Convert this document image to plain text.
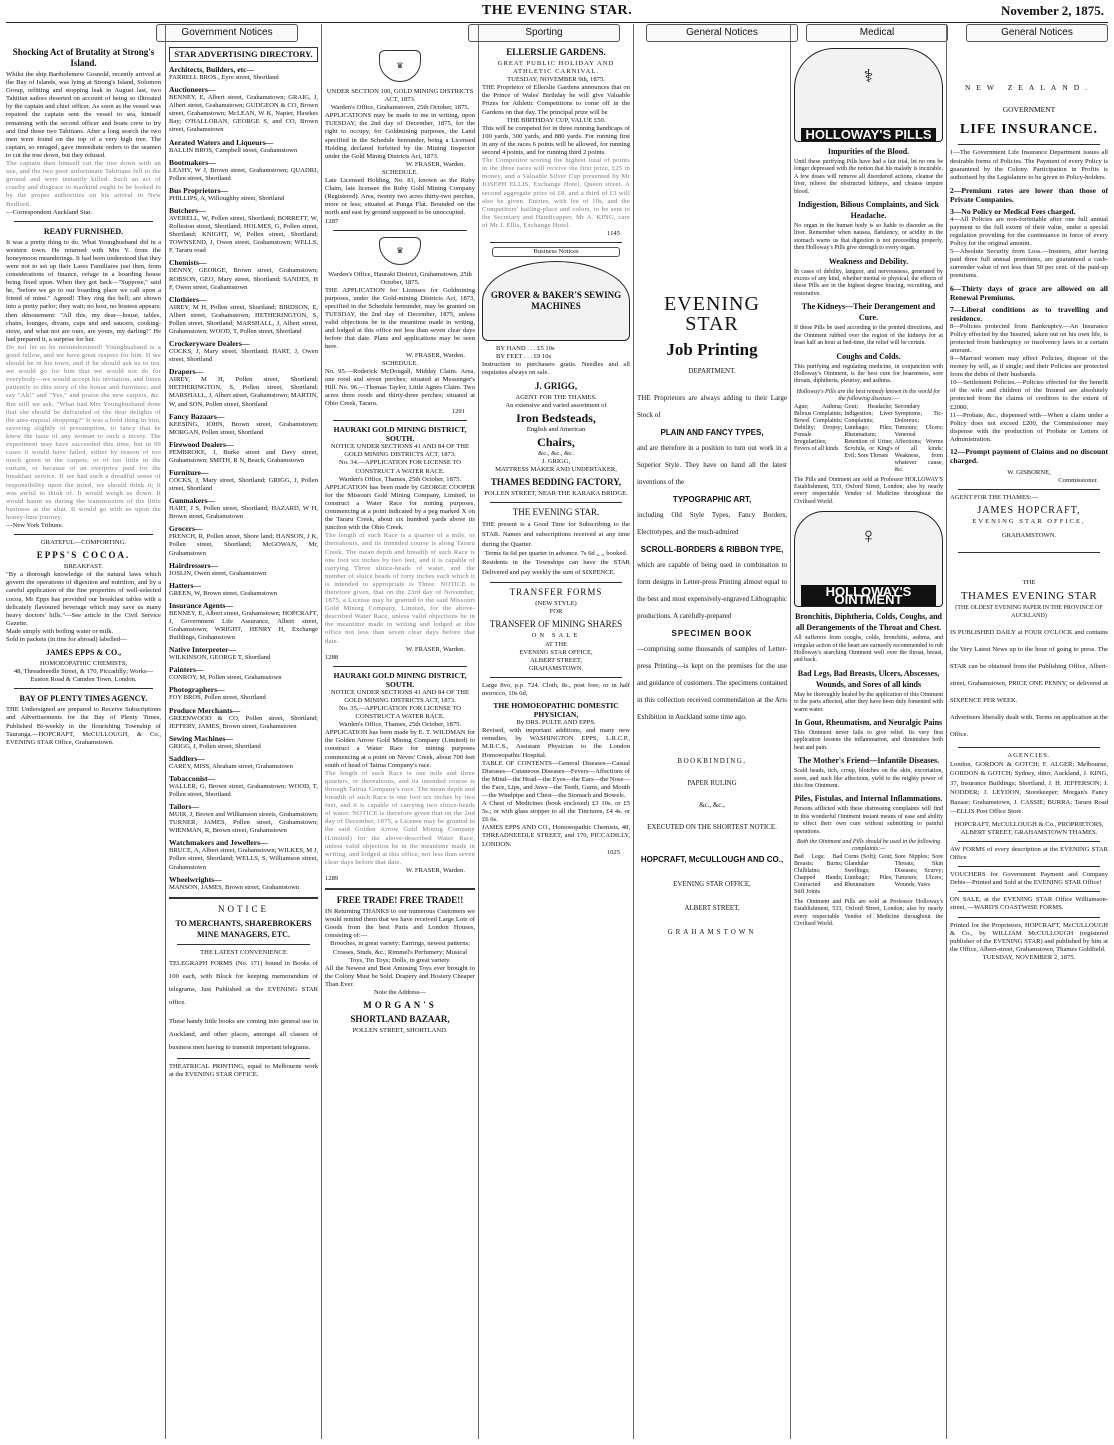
THE EVENING STAR.	November 2, 1875.
Government Notices	Sporting	General Notices	Medical	General Notices
Shocking Act of Brutality at Strong's Island.
Whilst the ship Bartholemew Gosnold, recently arrived at the Bay of Islands, was lying at Strong's Island, Solomon Group, refitting and stopping leak in August last, two Tahitian sailors deserted on account of being so illtreated by the captain and chief officer. As soon as the vessel was repaired the captain sent the vessel to sea, himself remaining with the second officer and boats crew to try and find those two Tahitians. After a long search the two men were found on the top of a very high tree. The captain, so enraged, gave immediate orders to the seamen to cut the tree down, but they refused.
The captain then himself cut the tree down with an axe, and the two poor unfortunate Tahitians fell to the ground and were instantly killed. Such an act of cruelty and disgrace to mankind ought to be looked to by the proper authorities on his arrival in New Bedford.
—Correspondent Auckland Star.
READY FURNISHED.
It was a pretty thing to do. What Younghusband did in a western town. He returned with Mrs Y. from the honeymoon meanderings. It had been understood that they were not to set up their Lares Familiares just then, from considerations of finance, refuge in a boarding house being fixed upon. When they got back—"Suppose," said he, "before we go to our boarding place we call upon a friend of mine." Agreed! They ring the bell; are shown into a pretty parlor; they wait; no host, no hostess appears; then dénouement: "All this, my dear—house, tables, chairs, lounges, divans, cups and and saucers, cooking-stove, and what not are ours, are yours, my darling!" He had prepared it, a surprise for her.
Do not let us be misunderstood! Younghusband is a good fellow, and we have great respect for him. If we should be in his town, and if he should ask us to tea, we would go for him that we would not do for everybody—we would accept his invitation, and listen patiently to this story of the house and furniture; and say "Ah!" and "Yes," and praise the new carpets, &c. But still we ask, "What had Mrs Younghusband done that she should be defrauded of the dear delights of the ante-nuptial shopping?" It was a bold thing in him, savoring slightly of presumption, to fancy that he knew the taste of any woman to such a nicety. The experiment may have succeeded this time, but in 99 cases it would have failed, either by reason of too much green in the carpets, or of too little in the curtain, or because of an overprice paid for the breakfast service. If we had such a dreadful sense of responsibility upon the mind, we should think it; it was awful to think of. It would weigh us down. It would haunt us during the transmission of the little business at the altar. It would go with us upon the honey-lune journey.
—New York Tribune.
GRATEFUL—COMFORTING.
EPPS'S COCOA.
BREAKFAST.
"By a thorough knowledge of the natural laws which govern the operations of digestion and nutrition, and by a careful application of the fine properties of well-selected cocoa, Mr Epps has provided our breakfast tables with a delicately flavoured beverage which may save us many heavy doctors' bills."—See article in the Civil Service Gazette.
Made simply with boiling water or milk.
Sold in packets (in tins for abroad) labelled—
JAMES EPPS & CO.,
HOMOEOPATHIC CHEMISTS,
48, Threadneedle Street, & 170, Piccadilly; Works—Euston Road & Camden Town, London.
BAY OF PLENTY TIMES AGENCY.
THE Undersigned are prepared to Receive Subscriptions and Advertisements for the Bay of Plenty Times, Published Bi-weekly in the flourishing Township of Tauranga.—HOPCRAFT, McCULLOUGH, & Co., EVENING STAR Office, Grahamstown.
STAR ADVERTISING DIRECTORY.
Architects, Builders, etc—
FARRELL BROS., Eyre street, Shortland
Auctioneers—
BENNEY, E, Albert street, Grahamstown; GRAIG, J, Albert street, Grahamstown; GUDGEON & CO, Brown street, Grahamstown; McLEAN, W K, Napier, Hawkes Bay; O'HALLORAN, GEORGE S, and CO, Brown street, Grahamstown
Aerated Waters and Liqueurs—
BALLIN BROS, Campbell street, Grahamstown
Bootmakers—
LEAHY, W J, Brown street, Grahamstown; QUADRI, Pollen street, Shortland
Bus Proprietors—
PHILLIPS, A, Willoughby street, Shortland
Butchers—
AVERELL, W, Pollen street, Shortland; BORRETT, W, Rolleston street, Shortland; HOLMES, G, Pollen street, Shortland; KNIGHT, W, Pollen street, Shortland; TOWNSEND, J, Owen street, Grahamstown; WELLS, F, Tararu road
Chemists—
DENNY, GEORGE, Brown street, Grahamstown; ROBSON, GEO, Mary street, Shortland; SANDES, H F, Owen street, Grahamstown
Clothiers—
AIREY, M H, Pollen street, Shortland; BIRDSON, E, Albert street, Grahamstown; HETHERINGTON, S, Pollen street, Shortland; MARSHALL, J, Albert street, Grahamstown; WOOD, T, Pollen street, Shortland
Crockeryware Dealers—
COCKS, J, Mary street, Shortland; HART, J, Owen street, Shortland
Drapers—
AIREY, M H, Pollen street, Shortland; HETHERINGTON, S, Pollen street, Shortland; MARSHALL, J, Albert street, Grahamstown; MARTIN, W, and SON, Pollen street, Shortland
Fancy Bazaars—
KEESING, JOHN, Brown street, Grahamstown; MORGAN, Pollen street, Shortland
Firewood Dealers—
PEMBROKE, J, Burke street and Davy street, Grahamstown; SMITH, R N, Beach, Grahamstown
Furniture—
COCKS, J, Mary street, Shortland; GRIGG, J, Pollen street, Shortland
Gunmakers—
HART, J S, Pollen street, Shortland; HAZARD, W H, Brown street, Grahamstown
Grocers—
FRENCH, R, Pollen street, Shore land; HANSON, J K, Pollen street, Shortland; McGOWAN, Mr, Grahamstown
Hairdressers—
JOSLIN, Owen street, Grahamstown
Hatters—
GREEN, W, Brown street, Grahamstown
Insurance Agents—
BENNEY, E, Albert street, Grahamstown; HOPCRAFT, J, Government Life Assurance, Albert street, Grahamstown; WRIGHT, HENRY H, Exchange Buildings, Grahamstown
Native Interpreter—
WILKINSON, GEORGE T, Shortland
Painters—
CONROY, M, Pollen street, Grahamstown
Photographers—
FOY BROS, Pollen street, Shortland
Produce Merchants—
GREENWOOD & CO, Pollen street, Shortland; JEFFERY, JAMES, Brown street, Grahamstown
Sewing Machines—
GRIGG, J, Pollen street, Shortland
Saddlers—
CAREY, MISS, Abraham street, Grahamstown
Tobacconist—
WALLER, G, Brown street, Grahamstown; WOOD, T, Pollen street, Shortland
Tailors—
MUIR, J, Brown and Williamson streets, Grahamstown; TURNER, JAMES, Pollen street, Grahamstown; WIENMAN, R, Brown street, Grahamstown
Watchmakers and Jewellers—
BRUCE, A, Albert street, Grahamstown; WILKES, M J, Pollen street, Shortland; WELLS, S, Williamson street, Grahamstown
Wheelwrights—
MANSON, JAMES, Brown street, Grahamstown
NOTICE
TO MERCHANTS, SHAREBROKERS MINE MANAGERS, ETC.
THE LATEST CONVENIENCE
TELEGRAPH FORMS (No. 171) bound in Books of 100 each, with Block for keeping memorandum of telegrams, Just Published at the EVENING STAR office.
These handy little books are coming into general use in Auckland, and other places, amongst all classes of business men having to transmit important telegrams.
THEATRICAL PRINTING, equal to Melbourne work at the EVENING STAR OFFICE.
♛
UNDER SECTION 100, GOLD MINING DISTRICTS ACT, 1873.
Warden's Office, Grahamstown, 25th October, 1875.
APPLICATIONS may be made to me in writing, upon TUESDAY, the 2nd day of December, 1875, for the right to occupy, for Goldmining purposes, the Land specified in the Schedule hereunder, being a Licensed Holding declared forfeited by the Mining Inspector under the Gold Mining Districts Act, 1873.
W. FRASER, Warden.
SCHEDULE.
Late Licensed Holding, No. 81, known as the Ruby Claim, late licensee the Ruby Gold Mining Company (Registered). Area, twenty two acres thirty-two perches, more or less; situated at Punga Flat. Bounded on the north and east by ground supposed to be unoccupied.
1287
♛
Warden's Office, Hauraki District, Grahamstown, 25th October, 1875.
THE APPLICATION for Licenses for Goldmining purposes, under the Gold-mining Districts Act, 1873, specified in the Schedule hereunder, may be granted on TUESDAY, the 2nd day of December, 1875, unless valid objections be in the meantime made in writing, and lodged at this office not less than seven clear days before that date. Plans and applications may be seen here.
W. FRASER, Warden.
SCHEDULE.
No. 95.—Roderick McDougall, Midday Claim. Area, one rood and seven perches; situated at Messenger's Hill. No. 96.—Thomas Taylor, Little Agnes Claim. Two acres three roods and thirty-three perches; situated at Ohio Creek, Tararu.
1291
HAURAKI GOLD MINING DISTRICT, SOUTH.
NOTICE UNDER SECTIONS 41 AND 84 OF THE GOLD MINING DISTRICTS ACT, 1873.
No. 34.—APPLICATION FOR LICENSE TO CONSTRUCT A WATER RACE.
Warden's Office, Thames, 25th October, 1875.
APPLICATION has been made by GEORGE COOPER for the Missouri Gold Mining Company, Limited, to construct a Water Race for mining purposes, commencing at a point indicated by a peg marked X on the Tararu Creek, about six hundred yards above its junction with the Ohio Creek.
The length of such Race is a quarter of a mile, or thereabouts, and its intended course is along Tararu Creek. The mean depth and breadth of such Race is one foot six inches by two feet, and it is capable of carrying Three sluice-heads of water, and the number of sluice heads of forty inches each which it is intended to appropriate is Three. NOTICE is therefore given, that on the 23rd day of November, 1875, a License may be granted to the said Missouri Gold Mining Company, Limited, for the above-described Water Race, unless valid objections be in the meantime made in writing and lodged at this office not less than seven clear days before that date.
W. FRASER, Warden.
1288
HAURAKI GOLD MINING DISTRICT, SOUTH.
NOTICE UNDER SECTIONS 41 AND 84 OF THE GOLD MINING DISTRICTS ACT, 1873.
No. 35.—APPLICATION FOR LICENSE TO CONSTRUCT A WATER RACE.
Warden's Office, Thames, 25th October, 1875.
APPLICATION has been made by E. T. WILDMAN for the Golden Arrow Gold Mining Company (Limited) to construct a Water Race for mining purposes commencing at a point on Neves' Creek, about 700 feet south of head of Tairua Company's race.
The length of such Race is one mile and three quarters, or thereabouts, and its intended course is through Tairua Company's race. The mean depth and breadth of such Race is one foot six inches by two feet, and it is capable of carrying two sluice-heads of water. NOTICE is therefore given that on the 2nd day of December, 1875, a License may be granted to the said Golden Arrow Gold Mining Company (Limited) for the above-described Water Race, unless valid objection be in the meantime made in writing, and lodged at this office, not less than seven clear days before that date.
W. FRASER, Warden.
1289
FREE TRADE! FREE TRADE!!
IN Returning THANKS to our numerous Customers we would remind them that we have received Large Lots of Goods from the best Paris and London Houses, consisting of:—
Brooches, in great variety; Earrings, newest patterns; Crosses, Studs, &c.; Rimmel's Perfumery; Musical Toys, Tin Toys; Dolls, in great variety.
All the Newest and Best Amusing Toys ever brought to the Colony Must be Sold. Drapery and Hosiery Cheaper Than Ever.
Note the Address—
MORGAN'S
SHORTLAND BAZAAR,
POLLEN STREET, SHORTLAND.
ELLERSLIE GARDENS.
GREAT PUBLIC HOLIDAY AND ATHLETIC CARNIVAL.
TUESDAY, NOVEMBER 9th, 1875.
THE Proprietor of Ellerslie Gardens announces that on the Prince of Wales' Birthday he will give Valuable Prizes for Athletic Competitions to come off in the Gardens on that day. The principal prize will be
THE BIRTHDAY CUP, VALUE £50.
This will be competed for in three running handicaps of 100 yards, 300 yards, and 880 yards. For running first in any of the races 6 points will be allowed, for running second 4 points, and for running third 2 points.
The Competitor scoring the highest total of points in the three races will receive the first prize, £25 in money, and a Valuable Silver Cup presented by Mr JOSEPH ELLIS, Exchange Hotel, Queen street. A second aggregate prize of £8, and a third of £3 will also be given. Entries, with fee of 10s, and the Competitors' hailing-place and colors, to be sent to the Secretary and Handicapper, Mr A. KING, care of Mr J. Ellis, Exchange Hotel.
1145
Business Notices
GROVER & BAKER'S SEWING MACHINES
BY HAND . . . £5 10s
BY FEET . . . £9 10s
Instruction to purchasers gratis. Needles and all requisites always on sale.
J. GRIGG,
AGENT FOR THE THAMES.
An extensive and varied assortment of
Iron Bedsteads,
English and American
Chairs,
&c., &c., &c.
J. GRIGG,
MATTRESS MAKER AND UNDERTAKER,
THAMES BEDDING FACTORY,
POLLEN STREET, NEAR THE KARAKA BRIDGE.
THE EVENING STAR.
THE present is a Good Time for Subscribing to the STAR. Names and subscriptions received at any time during the Quarter.
Terms 6s 6d per quarter in advance. 7s 6d ,, ,, booked.
Residents in the Townships can have the STAR Delivered and pay weekly the sum of SIXPENCE.
TRANSFER FORMS
(NEW STYLE)
FOR
TRANSFER OF MINING SHARES
ON SALE
AT THE
EVENING STAR OFFICE,
ALBERT STREET,
GRAHAMSTOWN.
Large 8vo, p.p. 724. Cloth, 8s., post free; or in half morocco, 10s 6d,
THE HOMOEOPATHIC DOMESTIC PHYSICIAN,
By DRS. PULTE AND EPPS.
Revised, with important additions, and many new remedies, by WASHINGTON EPPS, L.R.C.P., M.R.C.S., Assistant Physician to the London Homoeopathic Hospital.
TABLE OF CONTENTS—General Diseases—Casual Diseases—Cutaneous Diseases—Fevers—Affections of the Mind—the Head—the Eyes—the Ears—the Nose—the Face, Lips, and Jaws—the Teeth, Gums, and Mouth—the Windpipe and Chest—the Stomach and Bowels.
A Chest of Medicines (book enclosed) £3 10s. or £5 5s.; or with glass stopper to all the Tinctures, £4 4s. or £6 6s.
JAMES EPPS AND CO., Homoeopathic Chemists, 48, THREADNEEDLE STREET, and 170, PICCADILLY, LONDON.
1025
EVENING STAR
Job Printing
DEPARTMENT.
THE Proprietors are always adding to their Large Stock of
PLAIN AND FANCY TYPES,
and are therefore in a position to turn out work in a Superior Style. They have on hand all the latest inventions of the
TYPOGRAPHIC ART,
including Old Style Types, Fancy Borders, Electrotypes, and the much-admired
SCROLL-BORDERS & RIBBON TYPE,
which are capable of being used in combination to form designs in Letter-press Printing almost equal to the best and most expensively-engraved Lithographic productions. A carefully-prepared
SPECIMEN BOOK
—comprising some thousands of samples of Letter-press Printing—is kept on the premises for the use and guidance of customers. The specimens contained in this collection received commendation at the Arts Exhibition in Auckland some time ago.
BOOKBINDING,
PAPER RULING
&c., &c.,
EXECUTED ON THE SHORTEST NOTICE.
HOPCRAFT, McCULLOUGH AND CO.,
EVENING STAR OFFICE,
ALBERT STREET,
GRAHAMSTOWN
HOLLOWAY'S PILLS
⚕
Impurities of the Blood.
Until these purifying Pills have had a fair trial, let no one be longer depressed with the notion that his malady is incurable. A few doses will remove all disordered actions, cleanse the liver, relieve the obstructed kidneys, and cleanse impure blood.
Indigestion, Bilious Complaints, and Sick Headache.
No organ in the human body is so liable to disorder as the liver. Remember when nausea, flatulency, or acidity in the stomach warns us that digestion is not proceeding properly, then Holloway's Pills give strength to every organ.
Weakness and Debility.
In cases of debility, languor, and nervousness, generated by excess of any kind, whether mental or physical, the effects of these Pills are in the highest degree bracing, recruiting, and restorative.
The Kidneys—Their Derangement and Cure.
If these Pills be used according to the printed directions, and the Ointment rubbed over the region of the kidneys for at least half an hour at bed-time, the relief will be certain.
Coughs and Colds.
This purifying and regulating medicine, in conjunction with Holloway's Ointment, is the best cure for hoarseness, sore throats, diphtheria, pleurisy, and asthma.
Holloway's Pills are the best remedy known in the world for the following diseases:—
Ague; Asthma; Bilious Complaints; Bowel Complaints; Debility; Dropsy; Female Irregularities; Fevers of all kinds
Gout; Headache; Indigestion; Liver Complaints; Lumbago; Piles; Rheumatism; Retention of Urine; Scrofula, or King's Evil; Sore Throats
Secondary Symptoms; Tic-Doloreux; Tumours; Ulcers; Venereal Affections; Worms of all kinds; Weakness, from whatever cause, &c.
The Pills and Ointment are sold at Professor HOLLOWAY'S Establishment, 533, Oxford Street, London; also by nearly every respectable Vendor of Medicine throughout the Civilised World.
HOLLOWAY'S OINTMENT
♀
Bronchitis, Diphtheria, Colds, Coughs, and all Derangements of the Throat and Chest.
All sufferers from coughs, colds, bronchitis, asthma, and irregular action of the heart are earnestly recommended to rub Holloway's searching Ointment well over the throat, breast, and back.
Bad Legs, Bad Breasts, Ulcers, Abscesses, Wounds, and Sores of all kinds
May be thoroughly healed by the application of this Ointment to the parts affected, after they have been duly fomented with warm water.
In Gout, Rheumatism, and Neuralgic Pains
This Ointment never fails to give relief. Its very first application lessens the inflammation, and diminishes both heat and pain.
The Mother's Friend—Infantile Diseases.
Scald heads, itch, croup, blotches on the skin, excoriation, sores, and such like affections, yield to the mighty power of this fine Ointment.
Piles, Fistulas, and Internal Inflammations.
Persons afflicted with these distressing complaints will find in this wonderful Ointment instant means of ease and ability to effect their own cure without submitting to painful operations.
Both the Ointment and Pills should be used in the following complaints:—
Bad Legs; Bad Breasts; Burns; Chilblains; Chapped Hands; Contracted and Stiff Joints
Corns (Soft); Gout; Glandular Swellings; Lumbago; Piles; Rheumatism
Sore Nipples; Sore Throats; Skin Diseases; Scurvy; Tumours; Ulcers; Wounds; Yaws
The Ointment and Pills are sold at Professor Holloway's Establishment, 533, Oxford Street, London; also by nearly every respectable Vendor of Medicine throughout the Civilised World.
NEW ZEALAND.
GOVERNMENT
LIFE INSURANCE.
1—The Government Life Insurance Department issues all desirable forms of Policies. The Payment of every Policy is guaranteed by the Colony. Participation in Profits is authorised by the Legislature to be given to Policy-holders.
2—Premium rates are lower than those of Private Companies.
3—No Policy or Medical Fees charged.
4—All Policies are non-forfeitable after one full annual payment to the full extent of their value, under a special regulation providing for the continuance in force of every Policy for the original amount.
5—Absolute Security from Loss.—Insurers, after having paid three full annual premiums, are guaranteed a cash-surrender value of not less than 50 per cent. of the paid-up premiums.
6—Thirty days of grace are allowed on all Renewal Premiums.
7—Liberal conditions as to travelling and residence.
8—Policies protected from Bankruptcy.—An Insurance Policy effected by the Insured, taken out on his own life, is protected from bankruptcy or insolvency laws to a certain amount.
9—Married women may effect Policies, dispose of the money by will, as if single; and their Policies are protected from the debts of their husbands.
10—Settlement Policies.—Policies effected for the benefit of the wife and children of the Insured are absolutely protected from the claims of creditors to the extent of £2000.
11—Probate, &c., dispensed with—When a claim under a Policy does not exceed £200, the Commissioner may dispense with the production of Probate or Letters of Administration.
12—Prompt payment of Claims and no discount charged.
W. GISBORNE,
Commissioner.
AGENT FOR THE THAMES:—
JAMES HOPCRAFT,
EVENING STAR OFFICE,
GRAHAMSTOWN.
THE
THAMES EVENING STAR
(THE OLDEST EVENING PAPER IN THE PROVINCE OF AUCKLAND)
IS PUBLISHED DAILY at FOUR O'CLOCK and contains the Very Latest News up to the hour of going to press. The STAR can be obtained from the Publishing Office, Albert-street, Grahamstown, PRICE ONE PENNY, or delivered at SIXPENCE PER WEEK.
Advertisers liberally dealt with. Terms on application at the Office.
AGENCIES.
London, GORDON & GOTCH; F. ALGER; Melbourne, GORDON & GOTCH; Sydney, ditto; Auckland, J. KING, 37, Insurance Buildings; Shortland, J. H. JEFFERSON; J. NODDER; J. LEYDON, Storekeeper; Morgan's Fancy Bazaar; Grahamstown, J. CASSIE; BURRA; Tararu Road—ELLIS Post Office Store.
HOPCRAFT, McCULLOUGH & Co., PROPRIETORS,
ALBERT STREET, GRAHAMSTOWN THAMES.
AW FORMS of every description at the EVENING STAR Office
VOUCHERS for Government Payment and Company Debts—Printed and Sold at the EVENING STAR Office!
ON SALE, at the EVENING STAR Office Williamson-street, —WARD'S COASTWISE FORMS.
Printed for the Proprietors, HOPCRAFT, McCULLOUGH & Co., by WILLIAM McCULLOUGH (registered publisher of the EVENING STAR) and published by him at the Office, Albert-street, Grahamstown, Thames Goldfield.
TUESDAY, NOVEMBER 2, 1875.
